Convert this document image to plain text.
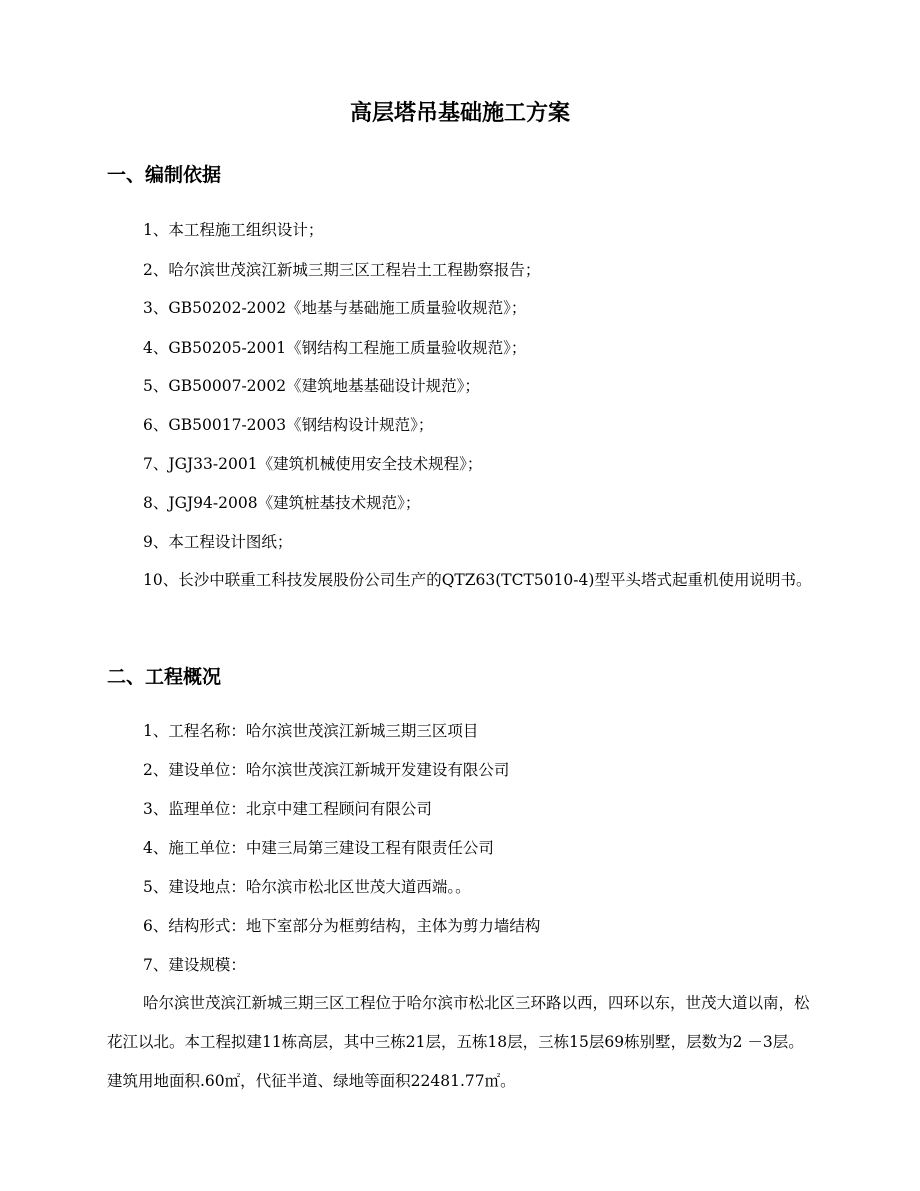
高层塔吊基础施工方案
一、编制依据
1、本工程施工组织设计；
2、哈尔滨世茂滨江新城三期三区工程岩土工程勘察报告；
3、GB50202-2002《地基与基础施工质量验收规范》；
4、GB50205-2001《钢结构工程施工质量验收规范》；
5、GB50007-2002《建筑地基基础设计规范》；
6、GB50017-2003《钢结构设计规范》；
7、JGJ33-2001《建筑机械使用安全技术规程》；
8、JGJ94-2008《建筑桩基技术规范》；
9、本工程设计图纸；
10、长沙中联重工科技发展股份公司生产的QTZ63(TCT5010-4)型平头塔式起重机使用说明书。
二、工程概况
1、工程名称：哈尔滨世茂滨江新城三期三区项目
2、建设单位：哈尔滨世茂滨江新城开发建设有限公司
3、监理单位：北京中建工程顾问有限公司
4、施工单位：中建三局第三建设工程有限责任公司
5、建设地点：哈尔滨市松北区世茂大道西端。。
6、结构形式：地下室部分为框剪结构，主体为剪力墙结构
7、建设规模：
哈尔滨世茂滨江新城三期三区工程位于哈尔滨市松北区三环路以西，四环以东，世茂大道以南，松花江以北。本工程拟建11栋高层，其中三栋21层，五栋18层，三栋15层69栋别墅，层数为2 －3层。建筑用地面积.60㎡，代征半道、绿地等面积22481.77㎡。
